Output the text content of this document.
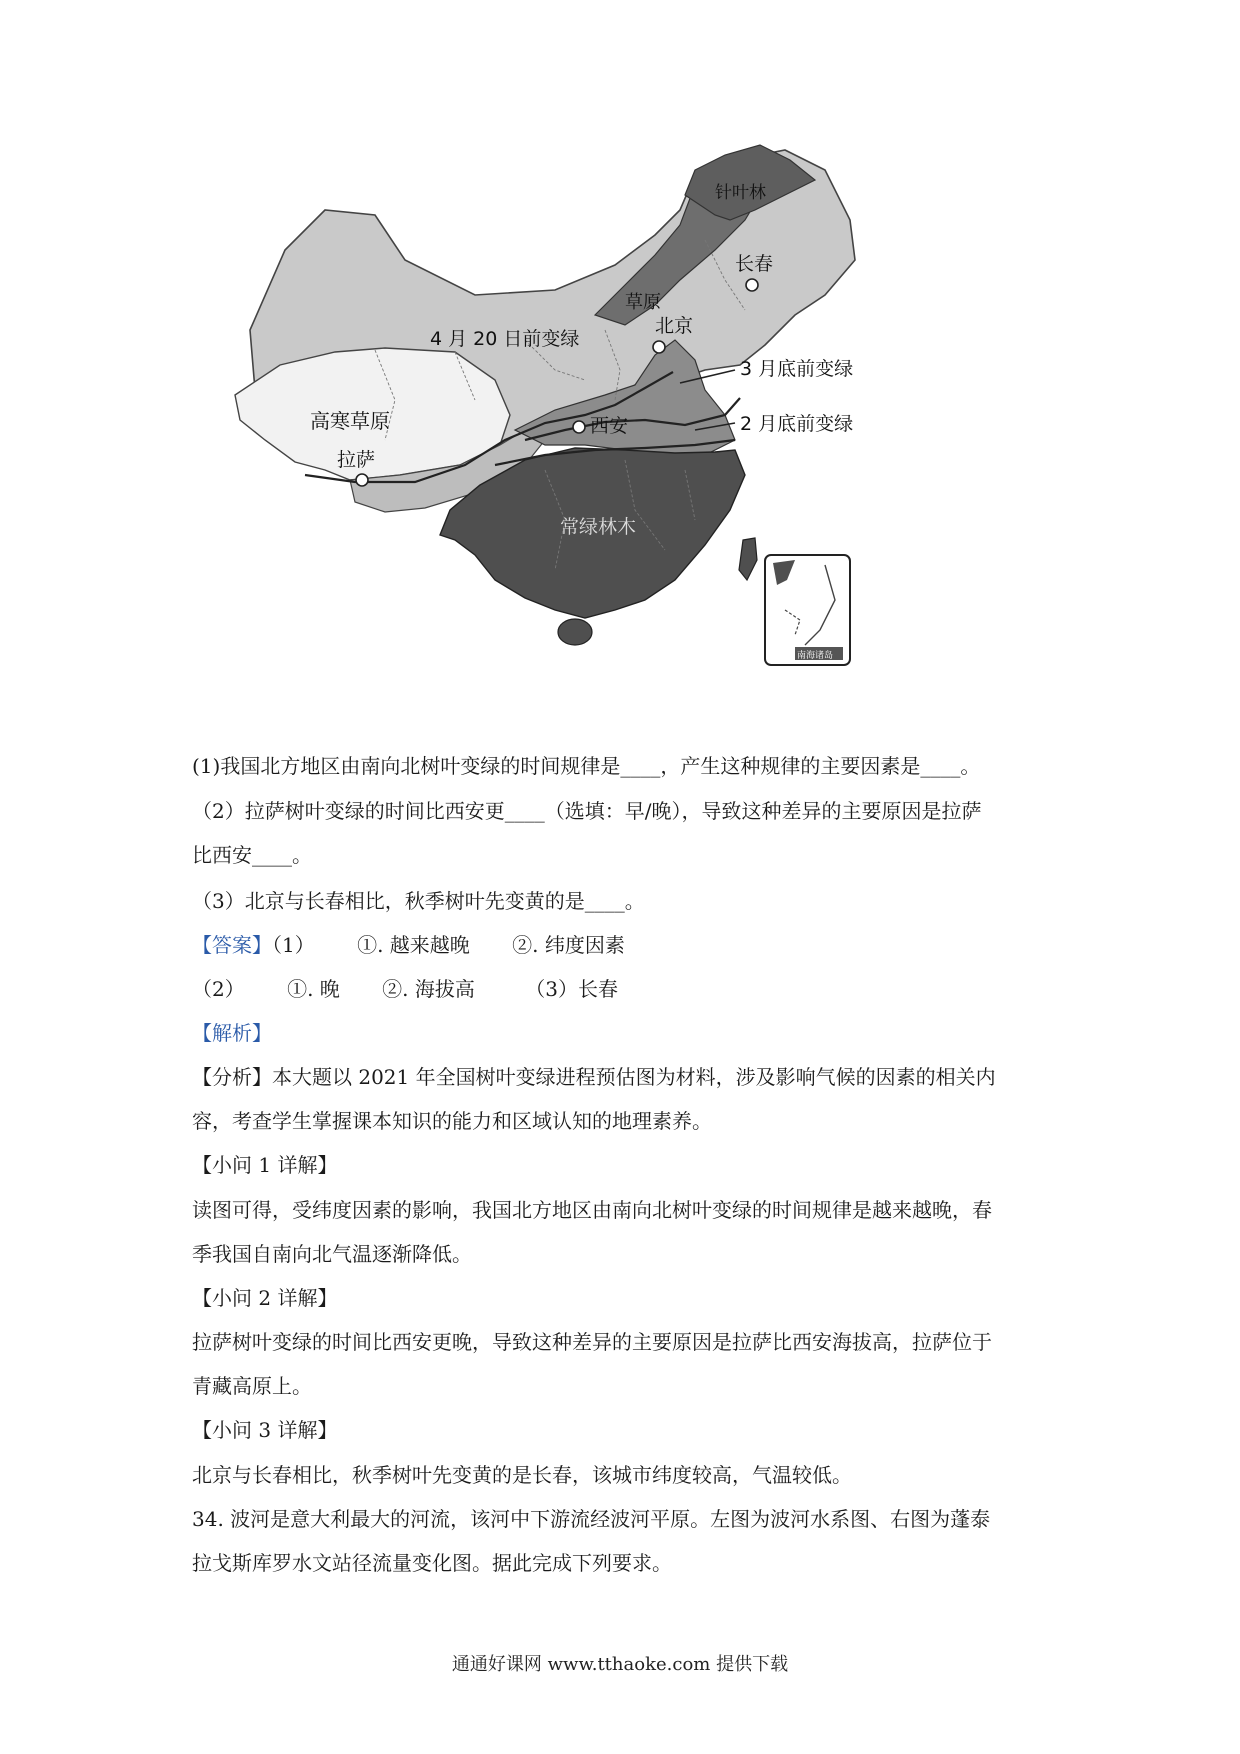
针叶林
草原
长春
北京
4 月 20 日前变绿
3 月底前变绿
2 月底前变绿
西安
高寒草原
拉萨
常绿林木
南海诸岛
(1)我国北方地区由南向北树叶变绿的时间规律是____，产生这种规律的主要因素是____。
（2）拉萨树叶变绿的时间比西安更____（选填：早/晚），导致这种差异的主要原因是拉萨
比西安____。
（3）北京与长春相比，秋季树叶先变黄的是____。
【答案】（1） ①. 越来越晚 ②. 纬度因素
（2） ①. 晚 ②. 海拔高	（3）长春
【解析】
【分析】本大题以 2021 年全国树叶变绿进程预估图为材料，涉及影响气候的因素的相关内
容，考查学生掌握课本知识的能力和区域认知的地理素养。
【小问 1 详解】
读图可得，受纬度因素的影响，我国北方地区由南向北树叶变绿的时间规律是越来越晚，春
季我国自南向北气温逐渐降低。
【小问 2 详解】
拉萨树叶变绿的时间比西安更晚，导致这种差异的主要原因是拉萨比西安海拔高，拉萨位于
青藏高原上。
【小问 3 详解】
北京与长春相比，秋季树叶先变黄的是长春，该城市纬度较高，气温较低。
34. 波河是意大利最大的河流，该河中下游流经波河平原。左图为波河水系图、右图为蓬泰
拉戈斯库罗水文站径流量变化图。据此完成下列要求。
通通好课网 www.tthaoke.com 提供下载
